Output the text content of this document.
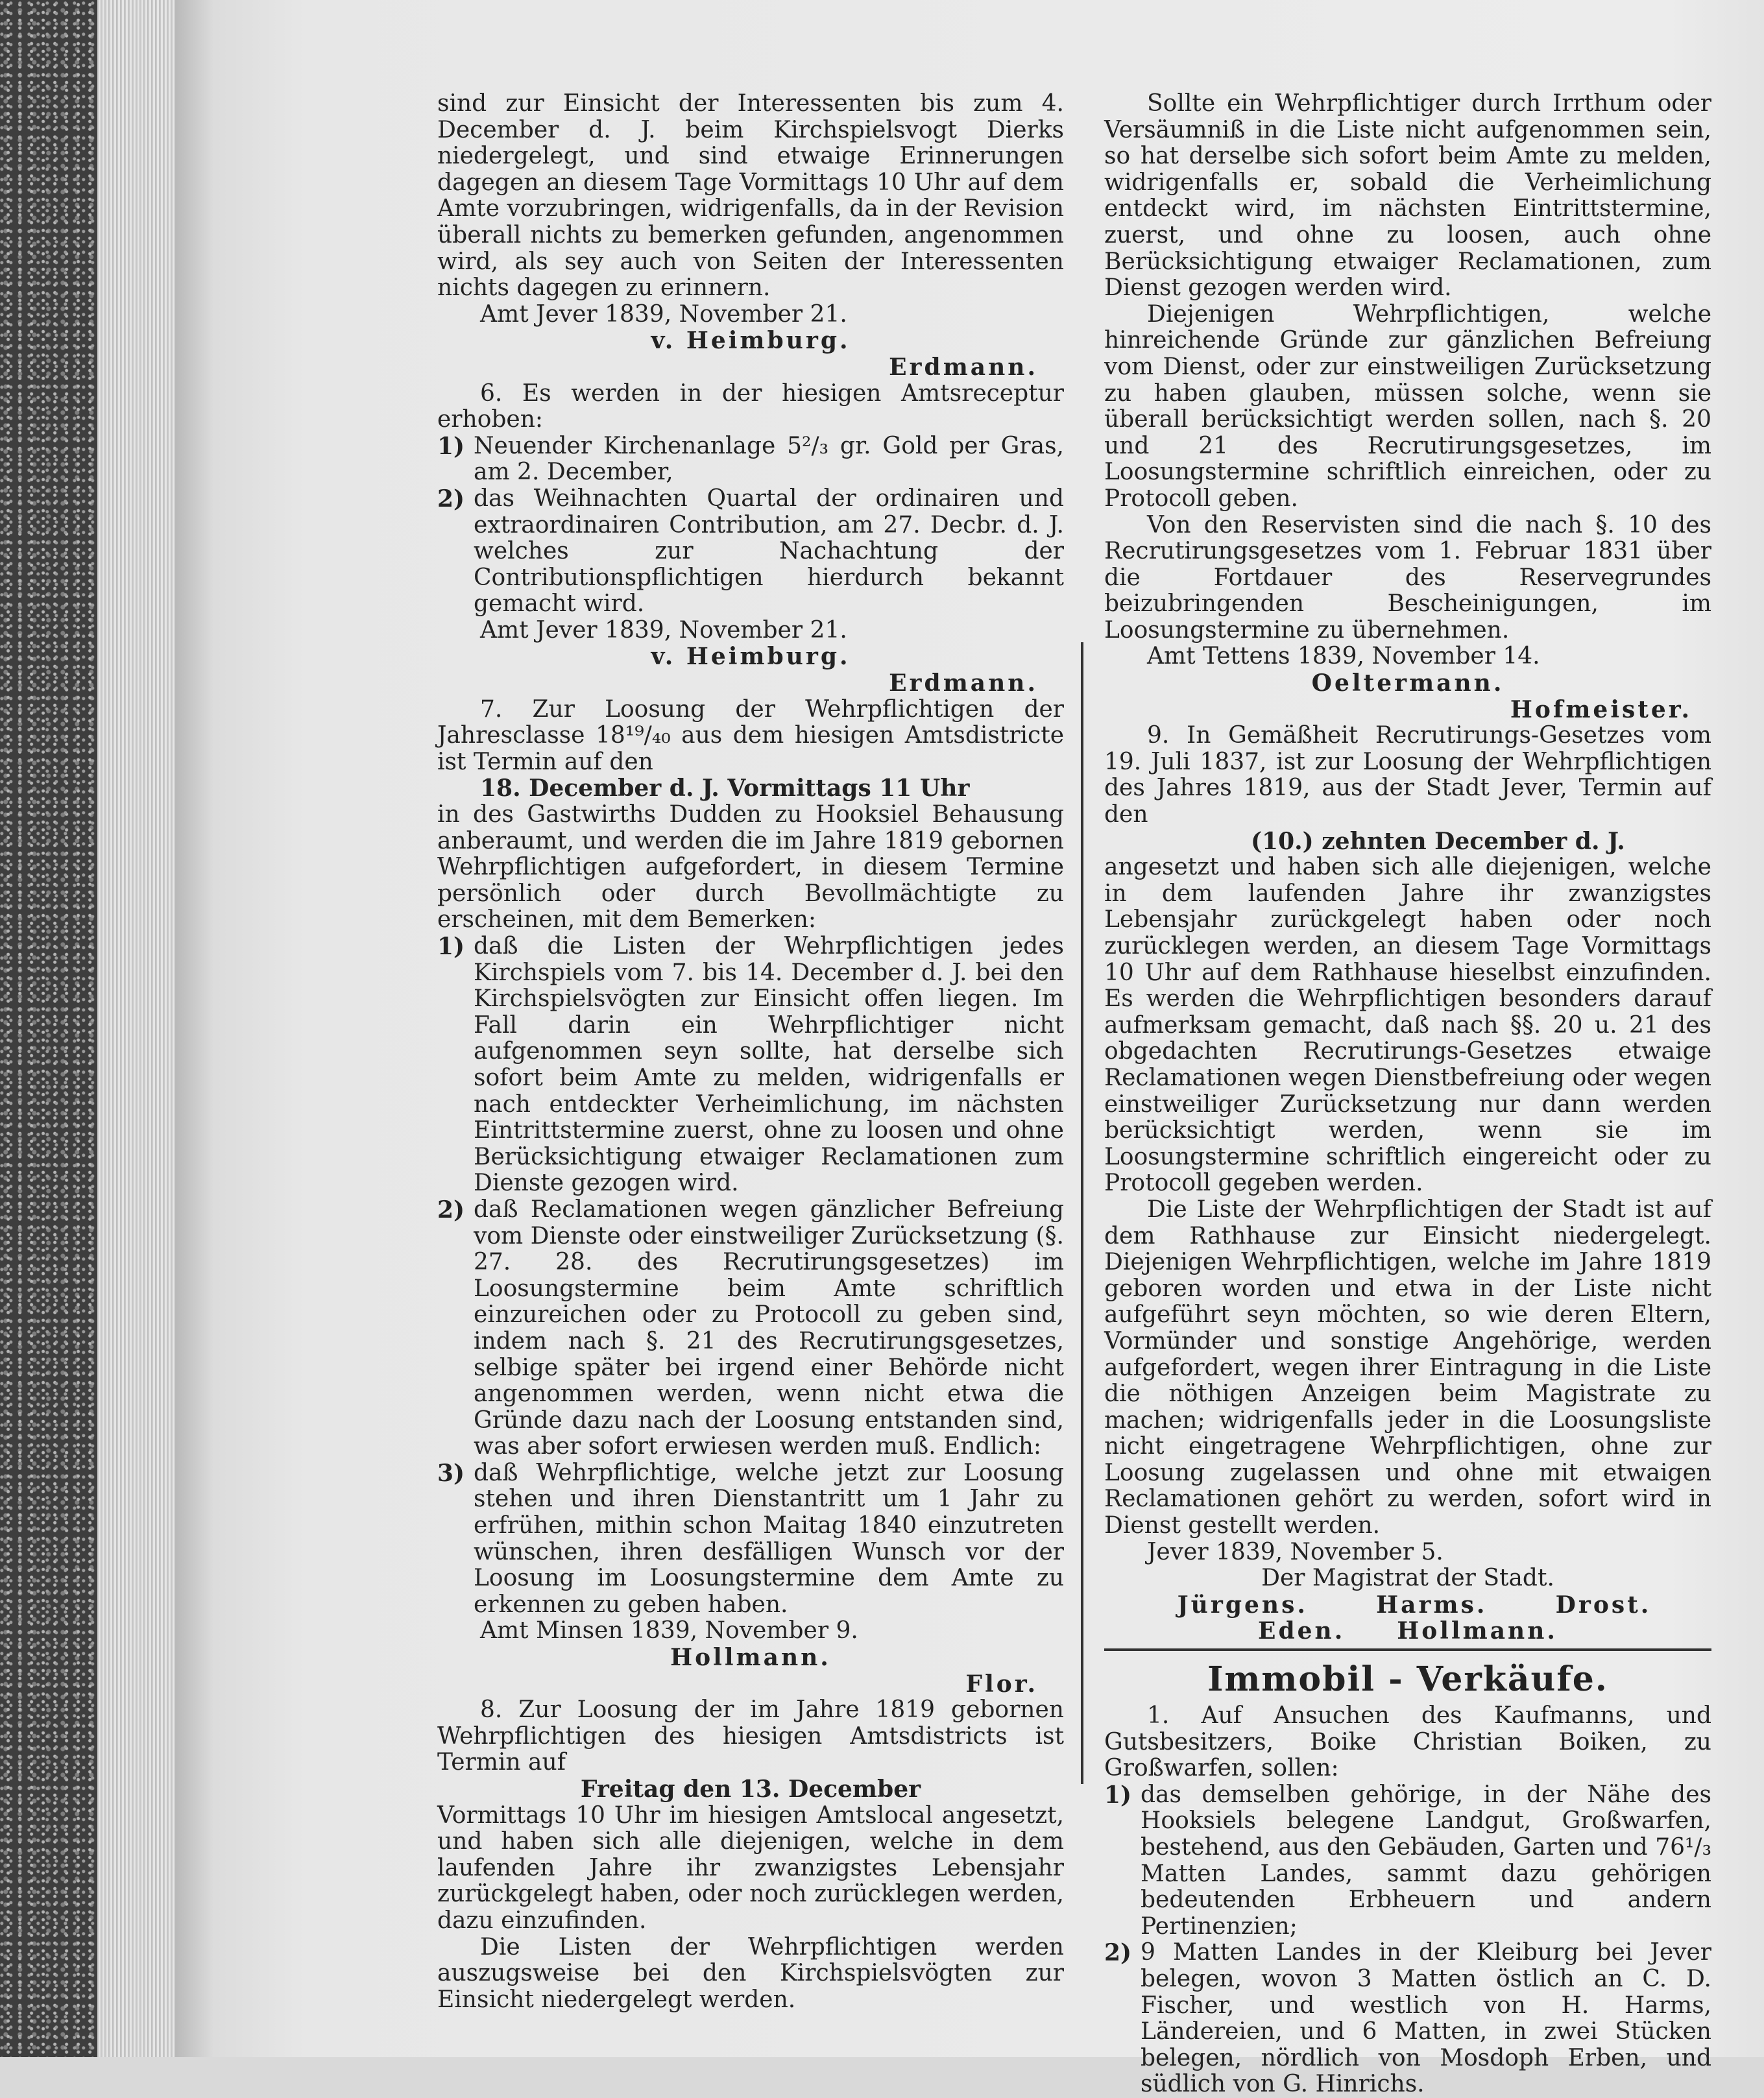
sind zur Einsicht der Interessenten bis zum 4. December d. J. beim Kirchspielsvogt Dierks niedergelegt, und sind etwaige Erinnerungen dagegen an diesem Tage Vormittags 10 Uhr auf dem Amte vorzubringen, widrigenfalls, da in der Revision überall nichts zu bemerken gefunden, angenommen wird, als sey auch von Seiten der Interessenten nichts dagegen zu erinnern.

Amt Jever 1839, November 21.

v. Heimburg.

Erdmann.

6. Es werden in der hiesigen Amtsreceptur erhoben:

1) Neuender Kirchenanlage 5²/₃ gr. Gold per Gras, am 2. December,
2) das Weihnachten Quartal der ordinairen und extraordinairen Contribution, am 27. Decbr. d. J. welches zur Nachachtung der Contributionspflichtigen hierdurch bekannt gemacht wird.

Amt Jever 1839, November 21.

v. Heimburg.

Erdmann.

7. Zur Loosung der Wehrpflichtigen der Jahresclasse 18¹⁹/₄₀ aus dem hiesigen Amtsdistricte ist Termin auf den

18. December d. J. Vormittags 11 Uhr

in des Gastwirths Dudden zu Hooksiel Behausung anberaumt, und werden die im Jahre 1819 gebornen Wehrpflichtigen aufgefordert, in diesem Termine persönlich oder durch Bevollmächtigte zu erscheinen, mit dem Bemerken:

1) daß die Listen der Wehrpflichtigen jedes Kirchspiels vom 7. bis 14. December d. J. bei den Kirchspielsvögten zur Einsicht offen liegen. Im Fall darin ein Wehrpflichtiger nicht aufgenommen seyn sollte, hat derselbe sich sofort beim Amte zu melden, widrigenfalls er nach entdeckter Verheimlichung, im nächsten Eintrittstermine zuerst, ohne zu loosen und ohne Berücksichtigung etwaiger Reclamationen zum Dienste gezogen wird.
2) daß Reclamationen wegen gänzlicher Befreiung vom Dienste oder einstweiliger Zurücksetzung (§. 27. 28. des Recrutirungsgesetzes) im Loosungstermine beim Amte schriftlich einzureichen oder zu Protocoll zu geben sind, indem nach §. 21 des Recrutirungsgesetzes, selbige später bei irgend einer Behörde nicht angenommen werden, wenn nicht etwa die Gründe dazu nach der Loosung entstanden sind, was aber sofort erwiesen werden muß. Endlich:
3) daß Wehrpflichtige, welche jetzt zur Loosung stehen und ihren Dienstantritt um 1 Jahr zu erfrühen, mithin schon Maitag 1840 einzutreten wünschen, ihren desfälligen Wunsch vor der Loosung im Loosungstermine dem Amte zu erkennen zu geben haben.

Amt Minsen 1839, November 9.

Hollmann.

Flor.

8. Zur Loosung der im Jahre 1819 gebornen Wehrpflichtigen des hiesigen Amtsdistricts ist Termin auf

Freitag den 13. December

Vormittags 10 Uhr im hiesigen Amtslocal angesetzt, und haben sich alle diejenigen, welche in dem laufenden Jahre ihr zwanzigstes Lebensjahr zurückgelegt haben, oder noch zurücklegen werden, dazu einzufinden.

Die Listen der Wehrpflichtigen werden auszugsweise bei den Kirchspielsvögten zur Einsicht niedergelegt werden.

Sollte ein Wehrpflichtiger durch Irrthum oder Versäumniß in die Liste nicht aufgenommen sein, so hat derselbe sich sofort beim Amte zu melden, widrigenfalls er, sobald die Verheimlichung entdeckt wird, im nächsten Eintrittstermine, zuerst, und ohne zu loosen, auch ohne Berücksichtigung etwaiger Reclamationen, zum Dienst gezogen werden wird.

Diejenigen Wehrpflichtigen, welche hinreichende Gründe zur gänzlichen Befreiung vom Dienst, oder zur einstweiligen Zurücksetzung zu haben glauben, müssen solche, wenn sie überall berücksichtigt werden sollen, nach §. 20 und 21 des Recrutirungsgesetzes, im Loosungstermine schriftlich einreichen, oder zu Protocoll geben.

Von den Reservisten sind die nach §. 10 des Recrutirungsgesetzes vom 1. Februar 1831 über die Fortdauer des Reservegrundes beizubringenden Bescheinigungen, im Loosungstermine zu übernehmen.

Amt Tettens 1839, November 14.

Oeltermann.

Hofmeister.

9. In Gemäßheit Recrutirungs-Gesetzes vom 19. Juli 1837, ist zur Loosung der Wehrpflichtigen des Jahres 1819, aus der Stadt Jever, Termin auf den

(10.) zehnten December d. J.

angesetzt und haben sich alle diejenigen, welche in dem laufenden Jahre ihr zwanzigstes Lebensjahr zurückgelegt haben oder noch zurücklegen werden, an diesem Tage Vormittags 10 Uhr auf dem Rathhause hieselbst einzufinden. Es werden die Wehrpflichtigen besonders darauf aufmerksam gemacht, daß nach §§. 20 u. 21 des obgedachten Recrutirungs-Gesetzes etwaige Reclamationen wegen Dienstbefreiung oder wegen einstweiliger Zurücksetzung nur dann werden berücksichtigt werden, wenn sie im Loosungstermine schriftlich eingereicht oder zu Protocoll gegeben werden.

Die Liste der Wehrpflichtigen der Stadt ist auf dem Rathhause zur Einsicht niedergelegt. Diejenigen Wehrpflichtigen, welche im Jahre 1819 geboren worden und etwa in der Liste nicht aufgeführt seyn möchten, so wie deren Eltern, Vormünder und sonstige Angehörige, werden aufgefordert, wegen ihrer Eintragung in die Liste die nöthigen Anzeigen beim Magistrate zu machen; widrigenfalls jeder in die Loosungsliste nicht eingetragene Wehrpflichtigen, ohne zur Loosung zugelassen und ohne mit etwaigen Reclamationen gehört zu werden, sofort wird in Dienst gestellt werden.

Jever 1839, November 5.

Der Magistrat der Stadt.

Jürgens.	Harms.	Drost.
Eden. Hollmann.
Immobil - Verkäufe.

1. Auf Ansuchen des Kaufmanns, und Gutsbesitzers, Boike Christian Boiken, zu Großwarfen, sollen:

1) das demselben gehörige, in der Nähe des Hooksiels belegene Landgut, Großwarfen, bestehend, aus den Gebäuden, Garten und 76¹/₃ Matten Landes, sammt dazu gehörigen bedeutenden Erbheuern und andern Pertinenzien;
2) 9 Matten Landes in der Kleiburg bei Jever belegen, wovon 3 Matten östlich an C. D. Fischer, und westlich von H. Harms, Ländereien, und 6 Matten, in zwei Stücken belegen, nördlich von Mosdoph Erben, und südlich von G. Hinrichs.
